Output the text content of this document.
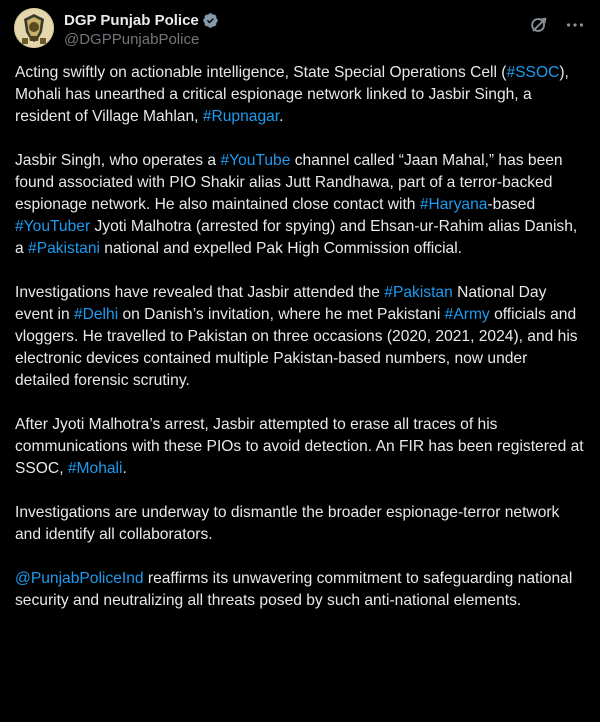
DGP Punjab Police
@DGPPunjabPolice

Acting swiftly on actionable intelligence, State Special Operations Cell (#SSOC), Mohali has unearthed a critical espionage network linked to Jasbir Singh, a resident of Village Mahlan, #Rupnagar.

Jasbir Singh, who operates a #YouTube channel called “Jaan Mahal,” has been found associated with PIO Shakir alias Jutt Randhawa, part of a terror-backed espionage network. He also maintained close contact with #Haryana-based #YouTuber Jyoti Malhotra (arrested for spying) and Ehsan-ur-Rahim alias Danish, a #Pakistani national and expelled Pak High Commission official.

Investigations have revealed that Jasbir attended the #Pakistan National Day event in #Delhi on Danish’s invitation, where he met Pakistani #Army officials and vloggers. He travelled to Pakistan on three occasions (2020, 2021, 2024), and his electronic devices contained multiple Pakistan-based numbers, now under detailed forensic scrutiny.

After Jyoti Malhotra’s arrest, Jasbir attempted to erase all traces of his communications with these PIOs to avoid detection. An FIR has been registered at SSOC, #Mohali.

Investigations are underway to dismantle the broader espionage-terror network and identify all collaborators.

@PunjabPoliceInd reaffirms its unwavering commitment to safeguarding national security and neutralizing all threats posed by such anti-national elements.
